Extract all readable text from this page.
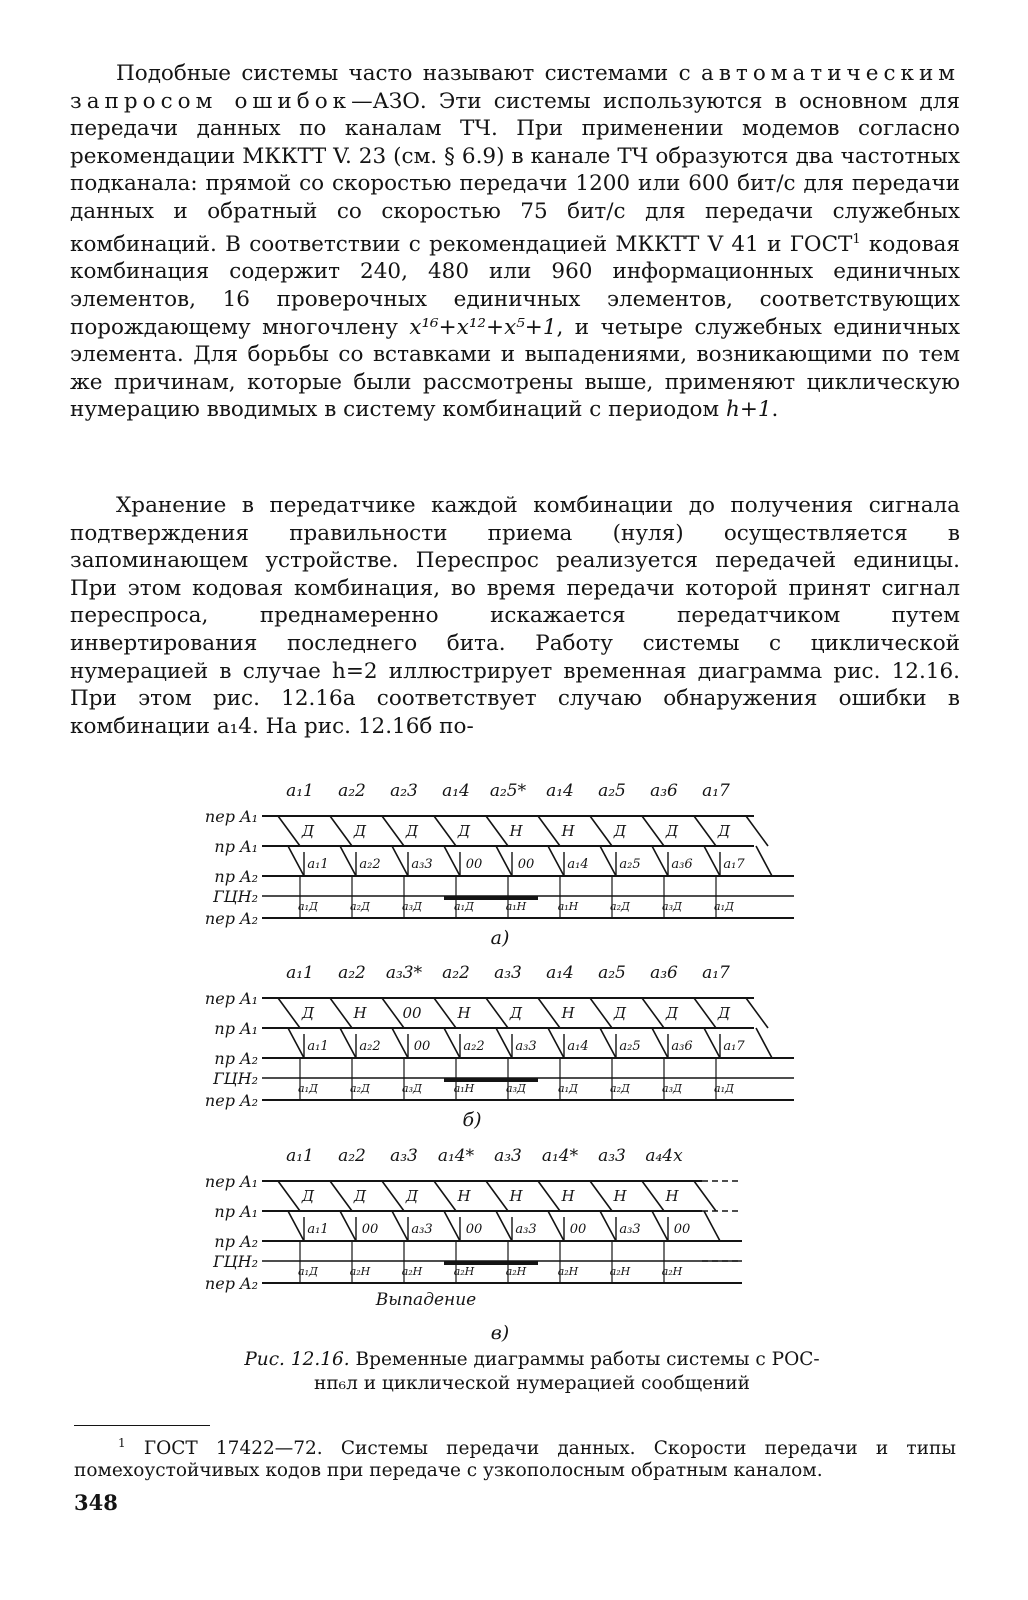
Подобные системы часто называют системами с автоматическим запросом ошибок—АЗО. Эти системы используются в основном для передачи данных по каналам ТЧ. При применении модемов согласно рекомендации МККТТ V. 23 (см. § 6.9) в канале ТЧ образуются два частотных подканала: прямой со скоростью передачи 1200 или 600 бит/с для передачи данных и обратный со скоростью 75 бит/с для передачи служебных комбинаций. В соответствии с рекомендацией МККТТ V 41 и ГОСТ$^1$ кодовая комбинация содержит 240, 480 или 960 информационных единичных элементов, 16 проверочных единичных элементов, соответствующих порождающему многочлену x¹⁶+x¹²+x⁵+1, и четыре служебных единичных элемента. Для борьбы со вставками и выпадениями, возникающими по тем же причинам, которые были рассмотрены выше, применяют циклическую нумерацию вводимых в систему комбинаций с периодом h+1.

Хранение в передатчике каждой комбинации до получения сигнала подтверждения правильности приема (нуля) осуществляется в запоминающем устройстве. Переспрос реализуется передачей единицы. При этом кодовая комбинация, во время передачи которой принят сигнал переспроса, преднамеренно искажается передатчиком путем инвертирования последнего бита. Работу системы с циклической нумерацией в случае h=2 иллюстрирует временная диаграмма рис. 12.16. При этом рис. 12.16а соответствует случаю обнаружения ошибки в комбинации a₁4. На рис. 12.16б по-

пер A₁
пр A₁
пр A₂
ГЦН₂
пер A₂
a₁1 a₂2 a₂3 a₁4 a₂5* a₁4 a₂5 a₃6 a₁7
Д	Д	Д	Д	Н	Н	Д	Д	Д
a₁1 a₂2 a₃3	00	00	a₁4 a₂5 a₃6 a₁7
a₁Д	a₂Д	a₃Д	a₁Д	a₁Н	a₁Н	a₂Д	a₃Д	a₁Д
а)
пер A₁
пр A₁
пр A₂
ГЦН₂
пер A₂
a₁1 a₂2 a₃3* a₂2 a₃3 a₁4 a₂5 a₃6 a₁7
Д	Н 00 Н	Д	Н	Д	Д	Д
a₁1 a₂2	00	a₂2 a₃3 a₁4 a₂5 a₃6 a₁7
a₁Д	a₂Д	a₃Д	a₁Н	a₃Д	a₁Д	a₂Д	a₃Д	a₁Д
б)
пер A₁
пр A₁
пр A₂
ГЦН₂
пер A₂
a₁1 a₂2 a₃3 a₁4* a₃3 a₁4* a₃3 a₄4x
Д	Д	Д	Н	Н	Н	Н	Н
a₁1	00	a₃3	00	a₃3	00	a₃3	00
a₁Д	a₂Н	a₂Н	a₂Н	a₂Н	a₂Н	a₂Н	a₂Н
в)
Выпадение
Рис. 12.16. Временные диаграммы работы системы с РОС-нп₆л и циклической нумерацией сообщений

$^1$ ГОСТ 17422—72. Системы передачи данных. Скорости передачи и типы помехоустойчивых кодов при передаче с узкополосным обратным каналом.

348
